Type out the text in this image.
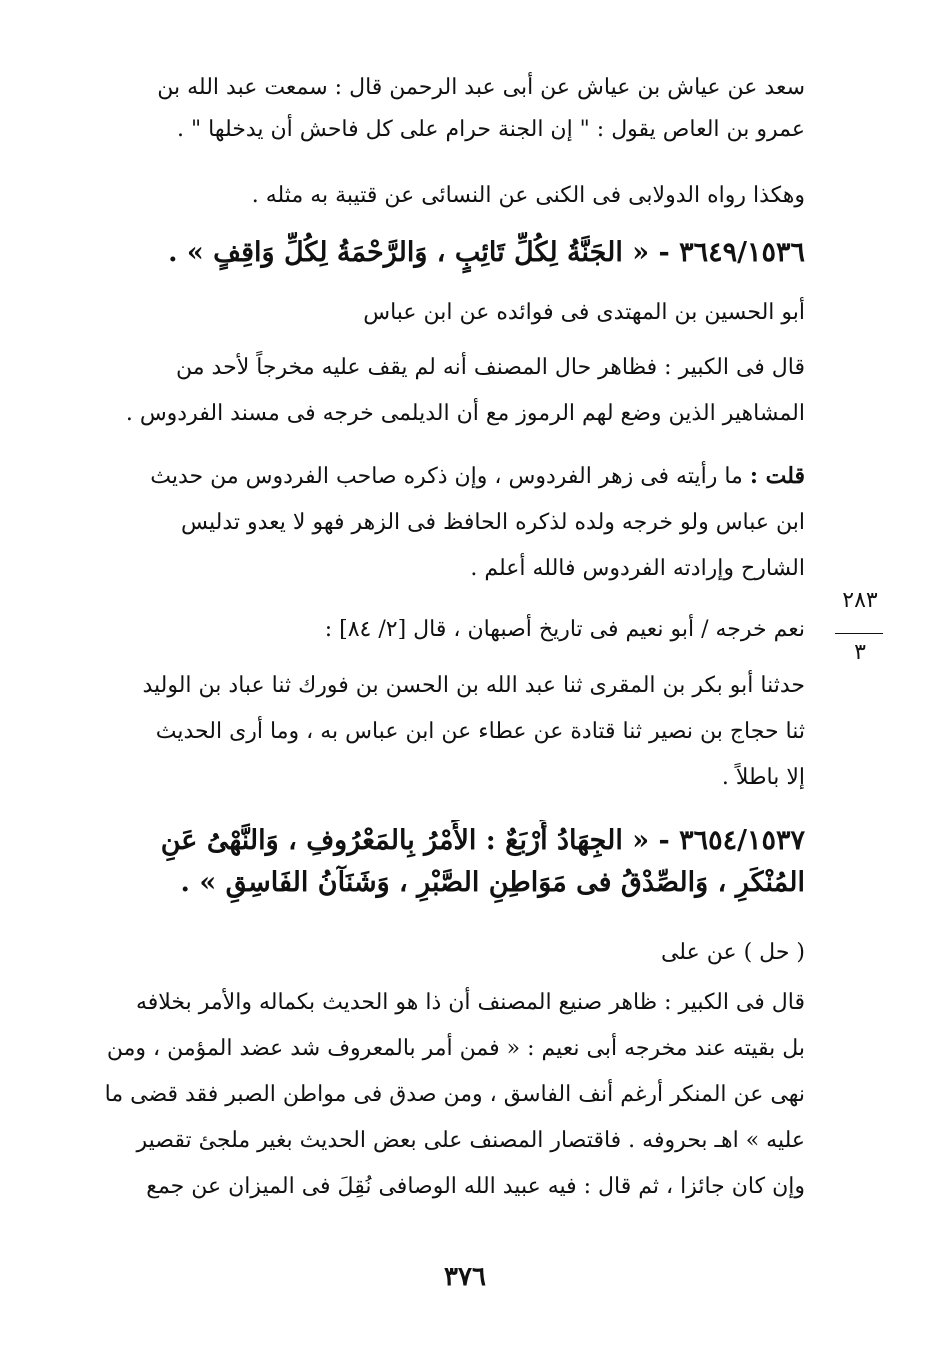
سعد عن عياش بن عياش عن أبى عبد الرحمن قال : سمعت عبد الله بن
عمرو بن العاص يقول : " إن الجنة حرام على كل فاحش أن يدخلها " .
وهكذا رواه الدولابى فى الكنى عن النسائى عن قتيبة به مثله .
٣٦٤٩/١٥٣٦ - « الجَنَّةُ لِكُلِّ تَائِبٍ ، وَالرَّحْمَةُ لِكُلِّ وَاقِفٍ » .
أبو الحسين بن المهتدى فى فوائده عن ابن عباس
قال فى الكبير : فظاهر حال المصنف أنه لم يقف عليه مخرجاً لأحد من
المشاهير الذين وضع لهم الرموز مع أن الديلمى خرجه فى مسند الفردوس .
قلت : ما رأيته فى زهر الفردوس ، وإن ذكره صاحب الفردوس من حديث
ابن عباس ولو خرجه ولده لذكره الحافظ فى الزهر فهو لا يعدو تدليس
الشارح وإرادته الفردوس فالله أعلم .
نعم خرجه / أبو نعيم فى تاريخ أصبهان ، قال [٢/ ٨٤] :
٢٨٣
٣
حدثنا أبو بكر بن المقرى ثنا عبد الله بن الحسن بن فورك ثنا عباد بن الوليد
ثنا حجاج بن نصير ثنا قتادة عن عطاء عن ابن عباس به ، وما أرى الحديث
إلا باطلاً .
٣٦٥٤/١٥٣٧ - « الجِهَادُ أَرْبَعٌ : الأَمْرُ بِالمَعْرُوفِ ، وَالنَّهْىُ عَنِ
المُنْكَرِ ، وَالصِّدْقُ فى مَوَاطِنِ الصَّبْرِ ، وَشَنَآنُ الفَاسِقِ » .
( حل ) عن على
قال فى الكبير : ظاهر صنيع المصنف أن ذا هو الحديث بكماله والأمر بخلافه
بل بقيته عند مخرجه أبى نعيم : « فمن أمر بالمعروف شد عضد المؤمن ، ومن
نهى عن المنكر أرغم أنف الفاسق ، ومن صدق فى مواطن الصبر فقد قضى ما
عليه » اهـ بحروفه . فاقتصار المصنف على بعض الحديث بغير ملجئ تقصير
وإن كان جائزا ، ثم قال : فيه عبيد الله الوصافى نُقِلَ فى الميزان عن جمع
٣٧٦
